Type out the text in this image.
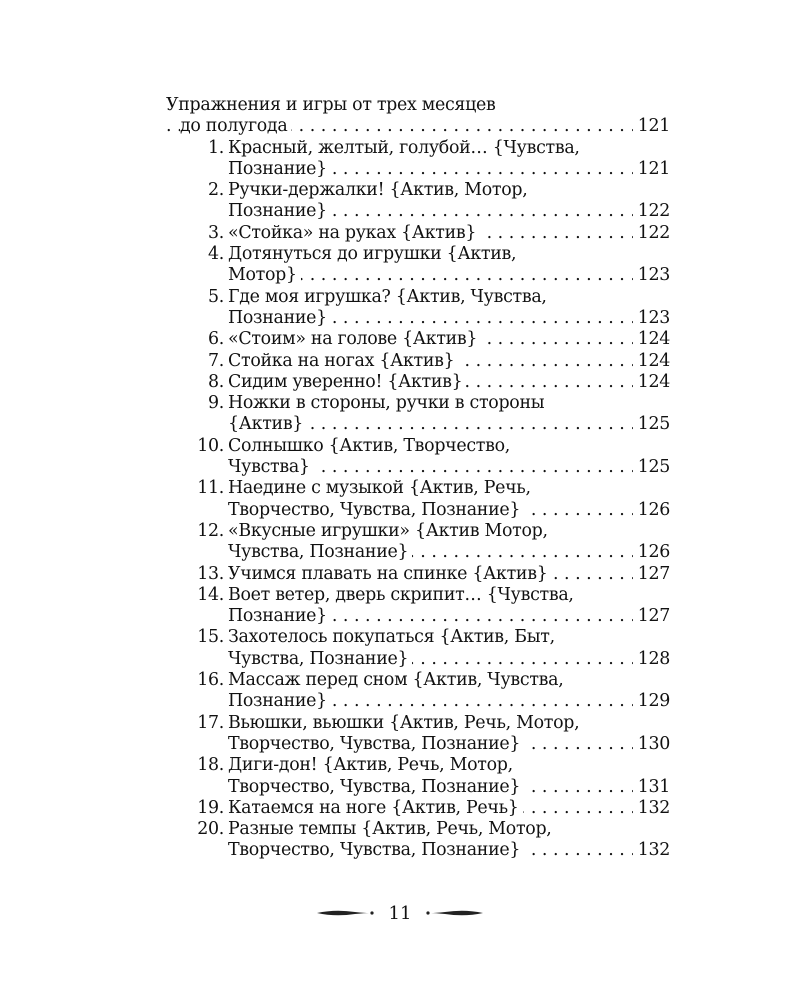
Упражнения и игры от трех месяцев
. . . до полугода	121
1. Красный, желтый, голубой… {Чувства,
. . . Познание}	121
2. Ручки-держалки! {Актив, Мотор,
. . . Познание}	122
. . . 3. «Стойка» на руках {Актив}	122
4. Дотянуться до игрушки {Актив,
. . . Мотор}	123
5. Где моя игрушка? {Актив, Чувства,
. . . Познание}	123
. . . 6. «Стоим» на голове {Актив}	124
. . . 7. Стойка на ногах {Актив}	124
. . . 8. Сидим уверенно! {Актив}	124
9. Ножки в стороны, ручки в стороны
. . . {Актив}	125
10. Солнышко {Актив, Творчество,
. . . Чувства}	125
11. Наедине с музыкой {Актив, Речь,
. . . Творчество, Чувства, Познание}	126
12. «Вкусные игрушки» {Актив Мотор,
. . . Чувства, Познание}	126
. . . 13. Учимся плавать на спинке {Актив}	127
14. Воет ветер, дверь скрипит… {Чувства,
. . . Познание}	127
15. Захотелось покупаться {Актив, Быт,
. . . Чувства, Познание}	128
16. Массаж перед сном {Актив, Чувства,
. . . Познание}	129
17. Вьюшки, вьюшки {Актив, Речь, Мотор,
. . . Творчество, Чувства, Познание}	130
18. Диги-дон! {Актив, Речь, Мотор,
. . . Творчество, Чувства, Познание}	131
. . . 19. Катаемся на ноге {Актив, Речь}	132
20. Разные темпы {Актив, Речь, Мотор,
. . . Творчество, Чувства, Познание}	132
11
